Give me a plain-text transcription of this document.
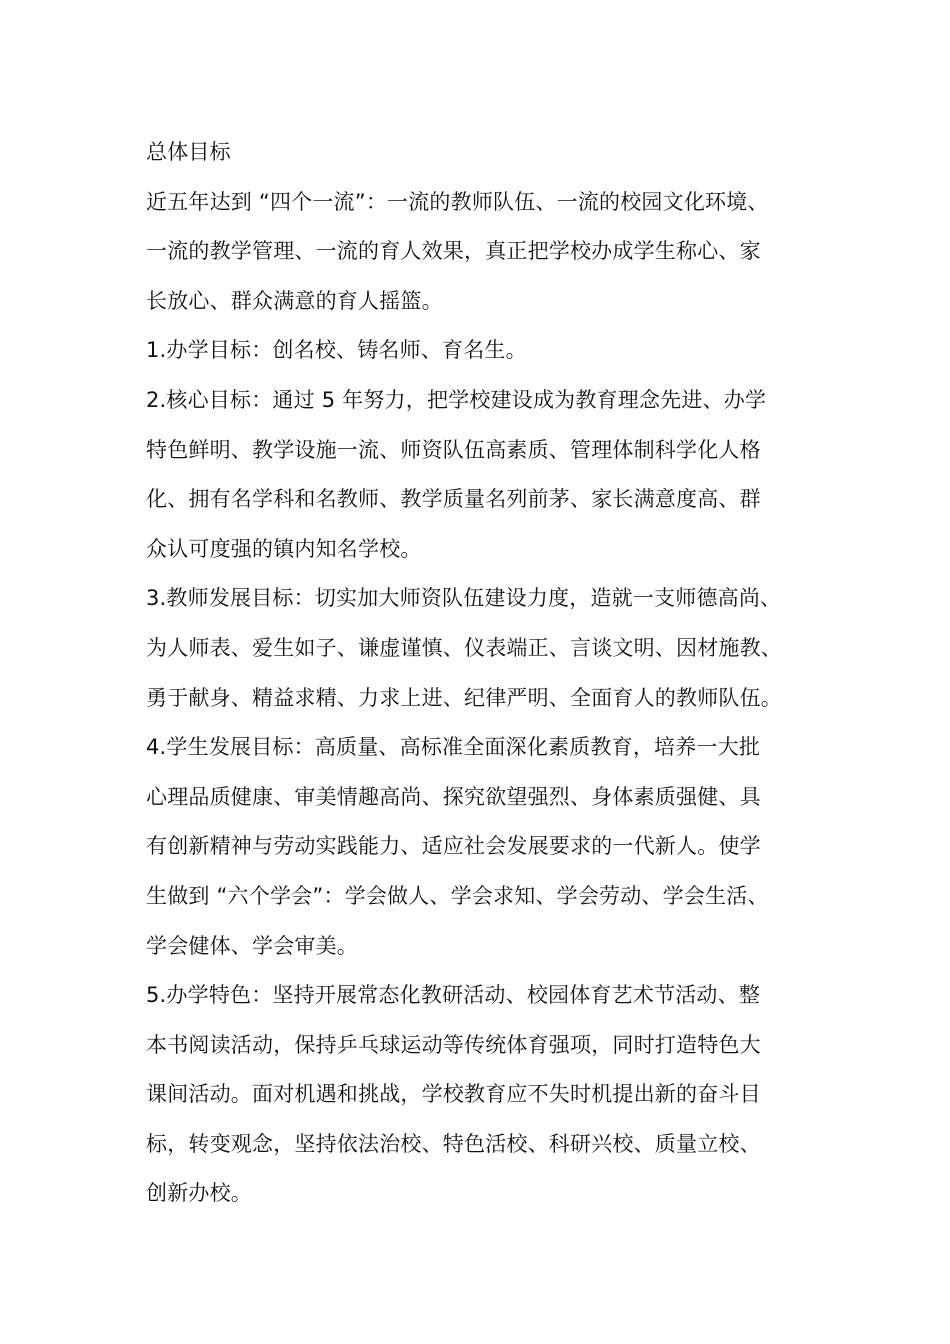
总体目标
近五年达到 “四个一流”：一流的教师队伍、一流的校园文化环境、
一流的教学管理、一流的育人效果，真正把学校办成学生称心、家
长放心、群众满意的育人摇篮。
1.办学目标：创名校、铸名师、育名生。
2.核心目标：通过 5 年努力，把学校建设成为教育理念先进、办学
特色鲜明、教学设施一流、师资队伍高素质、管理体制科学化人格
化、拥有名学科和名教师、教学质量名列前茅、家长满意度高、群
众认可度强的镇内知名学校。
3.教师发展目标：切实加大师资队伍建设力度，造就一支师德高尚、
为人师表、爱生如子、谦虚谨慎、仪表端正、言谈文明、因材施教、
勇于献身、精益求精、力求上进、纪律严明、全面育人的教师队伍。
4.学生发展目标：高质量、高标准全面深化素质教育，培养一大批
心理品质健康、审美情趣高尚、探究欲望强烈、身体素质强健、具
有创新精神与劳动实践能力、适应社会发展要求的一代新人。使学
生做到 “六个学会”：学会做人、学会求知、学会劳动、学会生活、
学会健体、学会审美。
5.办学特色：坚持开展常态化教研活动、校园体育艺术节活动、整
本书阅读活动，保持乒乓球运动等传统体育强项，同时打造特色大
课间活动。面对机遇和挑战，学校教育应不失时机提出新的奋斗目
标，转变观念，坚持依法治校、特色活校、科研兴校、质量立校、
创新办校。
